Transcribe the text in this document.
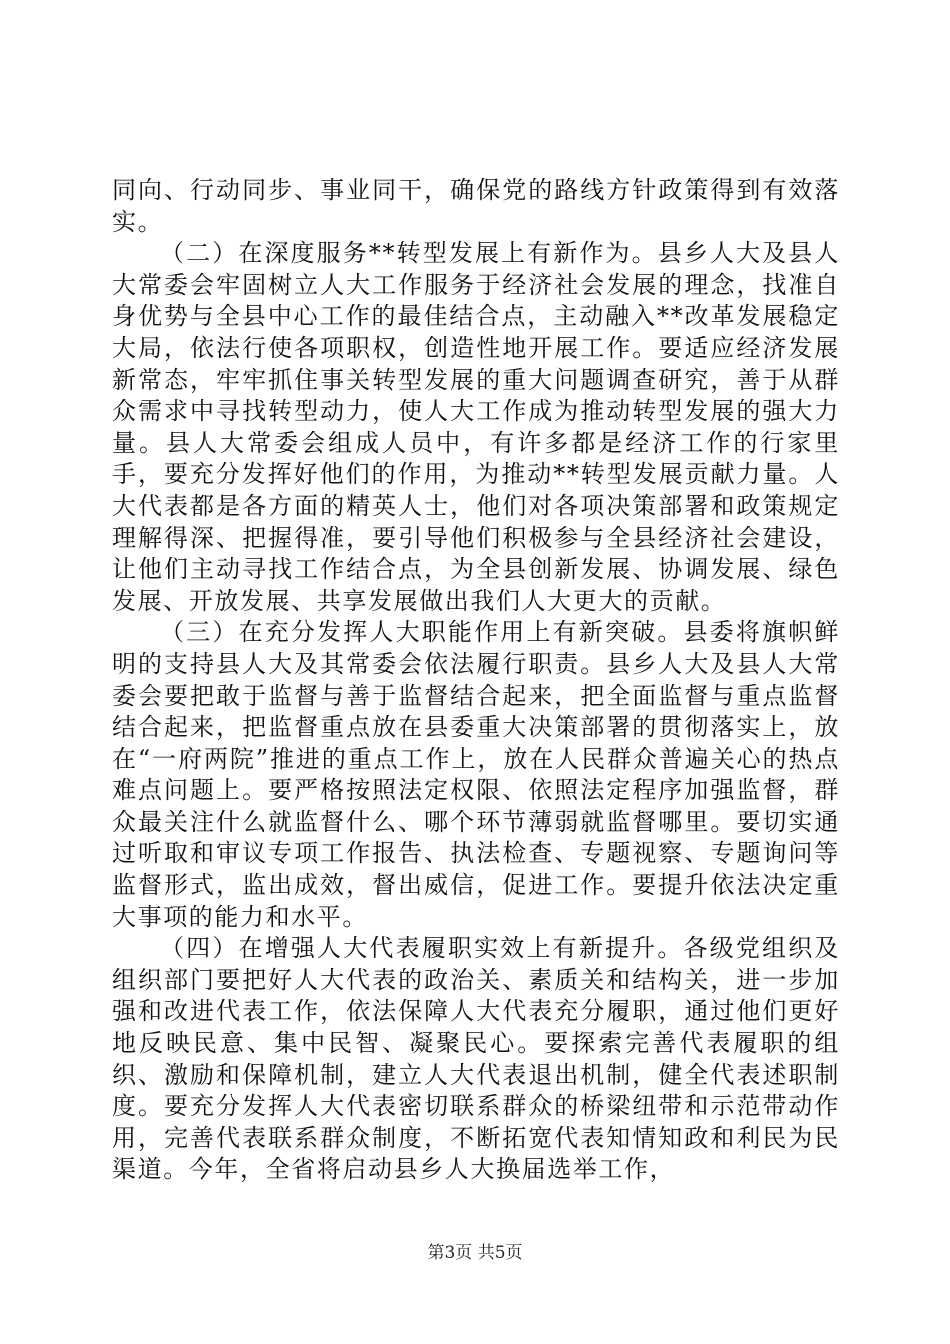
同向、行动同步、事业同干，确保党的路线方针政策得到有效落实。

（二）在深度服务**转型发展上有新作为。县乡人大及县人大常委会牢固树立人大工作服务于经济社会发展的理念，找准自身优势与全县中心工作的最佳结合点，主动融入**改革发展稳定大局，依法行使各项职权，创造性地开展工作。要适应经济发展新常态，牢牢抓住事关转型发展的重大问题调查研究，善于从群众需求中寻找转型动力，使人大工作成为推动转型发展的强大力量。县人大常委会组成人员中，有许多都是经济工作的行家里手，要充分发挥好他们的作用，为推动**转型发展贡献力量。人大代表都是各方面的精英人士，他们对各项决策部署和政策规定理解得深、把握得准，要引导他们积极参与全县经济社会建设，让他们主动寻找工作结合点，为全县创新发展、协调发展、绿色发展、开放发展、共享发展做出我们人大更大的贡献。

（三）在充分发挥人大职能作用上有新突破。县委将旗帜鲜明的支持县人大及其常委会依法履行职责。县乡人大及县人大常委会要把敢于监督与善于监督结合起来，把全面监督与重点监督结合起来，把监督重点放在县委重大决策部署的贯彻落实上，放在“一府两院”推进的重点工作上，放在人民群众普遍关心的热点难点问题上。要严格按照法定权限、依照法定程序加强监督，群众最关注什么就监督什么、哪个环节薄弱就监督哪里。要切实通过听取和审议专项工作报告、执法检查、专题视察、专题询问等监督形式，监出成效，督出威信，促进工作。要提升依法决定重大事项的能力和水平。

（四）在增强人大代表履职实效上有新提升。各级党组织及组织部门要把好人大代表的政治关、素质关和结构关，进一步加强和改进代表工作，依法保障人大代表充分履职，通过他们更好地反映民意、集中民智、凝聚民心。要探索完善代表履职的组织、激励和保障机制，建立人大代表退出机制，健全代表述职制度。要充分发挥人大代表密切联系群众的桥梁纽带和示范带动作用，完善代表联系群众制度，不断拓宽代表知情知政和利民为民渠道。今年，全省将启动县乡人大换届选举工作，

第3页 共5页
